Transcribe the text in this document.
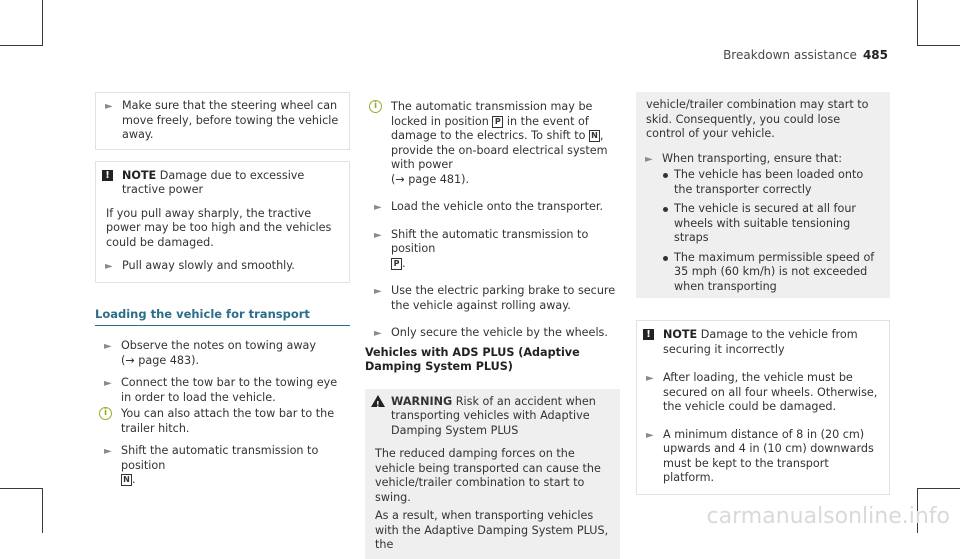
Breakdown assistance 485
► Make sure that the steering wheel can move freely, before towing the vehicle away.
! NOTE Damage due to excessive tractive power

If you pull away sharply, the tractive power may be too high and the vehicles could be damaged.

► Pull away slowly and smoothly.
Loading the vehicle for transport
► Observe the notes on towing away
(→ page 483).
► Connect the tow bar to the towing eye in order to load the vehicle.
i	You can also attach the tow bar to the trailer hitch.
► Shift the automatic transmission to position
N .
i	The automatic transmission may be locked in position P in the event of damage to the electrics. To shift to N , provide the on-board electrical system with power
(→ page 481).
► Load the vehicle onto the transporter.
► Shift the automatic transmission to position
P .
► Use the electric parking brake to secure the vehicle against rolling away.
► Only secure the vehicle by the wheels.
Vehicles with ADS PLUS (Adaptive Damping System PLUS)
! WARNING Risk of an accident when transporting vehicles with Adaptive Damping System PLUS

The reduced damping forces on the vehicle being transported can cause the vehicle/trailer combination to start to swing.

As a result, when transporting vehicles with the Adaptive Damping System PLUS, the

vehicle/trailer combination may start to skid. Consequently, you could lose control of your vehicle.

► When transporting, ensure that:
The vehicle has been loaded onto the transporter correctly
The vehicle is secured at all four wheels with suitable tensioning straps
The maximum permissible speed of 35 mph (60 km/h) is not exceeded when transporting
! NOTE Damage to the vehicle from securing it incorrectly
► After loading, the vehicle must be secured on all four wheels. Otherwise, the vehicle could be damaged.
► A minimum distance of 8 in (20 cm) upwards and 4 in (10 cm) downwards must be kept to the transport platform.
carmanualsonline.info
